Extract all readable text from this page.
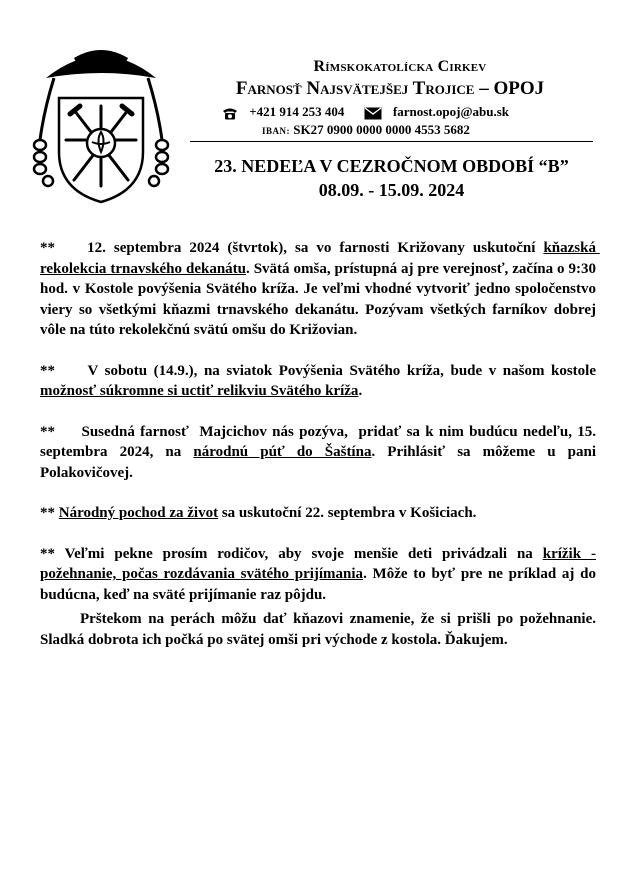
Rímskokatolícka Cirkev
Farnosť Najsvätejšej Trojice – OPOJ
+421 914 253 404	farnost.opoj@abu.sk
IBAN: SK27 0900 0000 0000 4553 5682
23. NEDEĽA V CEZROČNOM OBDOBÍ “B”
08.09. - 15.09. 2024

**    12. septembra 2024 (štvrtok), sa vo farnosti Križovany uskutoční kňazská rekolekcia trnavského dekanátu. Svätá omša, prístupná aj pre verejnosť, začína o 9:30 hod. v Kostole povýšenia Svätého kríža. Je veľmi vhodné vytvoriť jedno spoločenstvo viery so všetkými kňazmi trnavského dekanátu. Pozývam všetkých farníkov dobrej vôle na túto rekolekčnú svätú omšu do Križovian.

**     V sobotu (14.9.), na sviatok Povýšenia Svätého kríža, bude v našom kostole možnosť súkromne si uctiť relikviu Svätého kríža.

**     Susedná farnosť  Majcichov nás pozýva,  pridať sa k nim budúcu nedeľu, 15. septembra 2024, na národnú púť do Šaštína. Prihlásiť sa môžeme u pani Polakovičovej.

** Národný pochod za život sa uskutoční 22. septembra v Košiciach.

** Veľmi pekne prosím rodičov, aby svoje menšie deti privádzali na krížik - požehnanie, počas rozdávania svätého prijímania. Môže to byť pre ne príklad aj do budúcna, keď na sväté prijímanie raz pôjdu.

Prštekom na perách môžu dať kňazovi znamenie, že si prišli po požehnanie. Sladká dobrota ich počká po svätej omši pri východe z kostola. Ďakujem.
